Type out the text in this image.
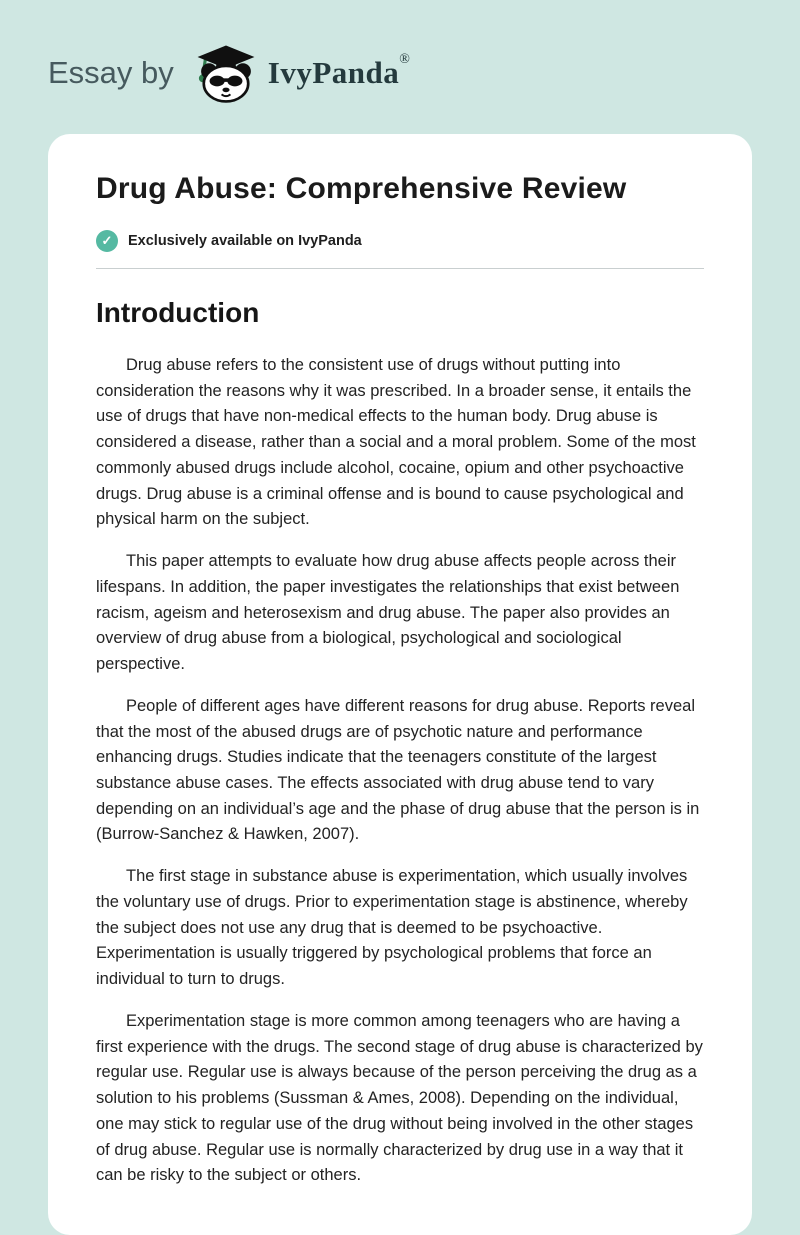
Essay by	IvyPanda®
Drug Abuse: Comprehensive Review
✓	Exclusively available on IvyPanda
Introduction

Drug abuse refers to the consistent use of drugs without putting into consideration the reasons why it was prescribed. In a broader sense, it entails the use of drugs that have non-medical effects to the human body. Drug abuse is considered a disease, rather than a social and a moral problem. Some of the most commonly abused drugs include alcohol, cocaine, opium and other psychoactive drugs. Drug abuse is a criminal offense and is bound to cause psychological and physical harm on the subject.

This paper attempts to evaluate how drug abuse affects people across their lifespans. In addition, the paper investigates the relationships that exist between racism, ageism and heterosexism and drug abuse. The paper also provides an overview of drug abuse from a biological, psychological and sociological perspective.

People of different ages have different reasons for drug abuse. Reports reveal that the most of the abused drugs are of psychotic nature and performance enhancing drugs. Studies indicate that the teenagers constitute of the largest substance abuse cases. The effects associated with drug abuse tend to vary depending on an individual’s age and the phase of drug abuse that the person is in (Burrow-Sanchez & Hawken, 2007).

The first stage in substance abuse is experimentation, which usually involves the voluntary use of drugs. Prior to experimentation stage is abstinence, whereby the subject does not use any drug that is deemed to be psychoactive. Experimentation is usually triggered by psychological problems that force an individual to turn to drugs.

Experimentation stage is more common among teenagers who are having a first experience with the drugs. The second stage of drug abuse is characterized by regular use. Regular use is always because of the person perceiving the drug as a solution to his problems (Sussman & Ames, 2008). Depending on the individual, one may stick to regular use of the drug without being involved in the other stages of drug abuse. Regular use is normally characterized by drug use in a way that it can be risky to the subject or others.
